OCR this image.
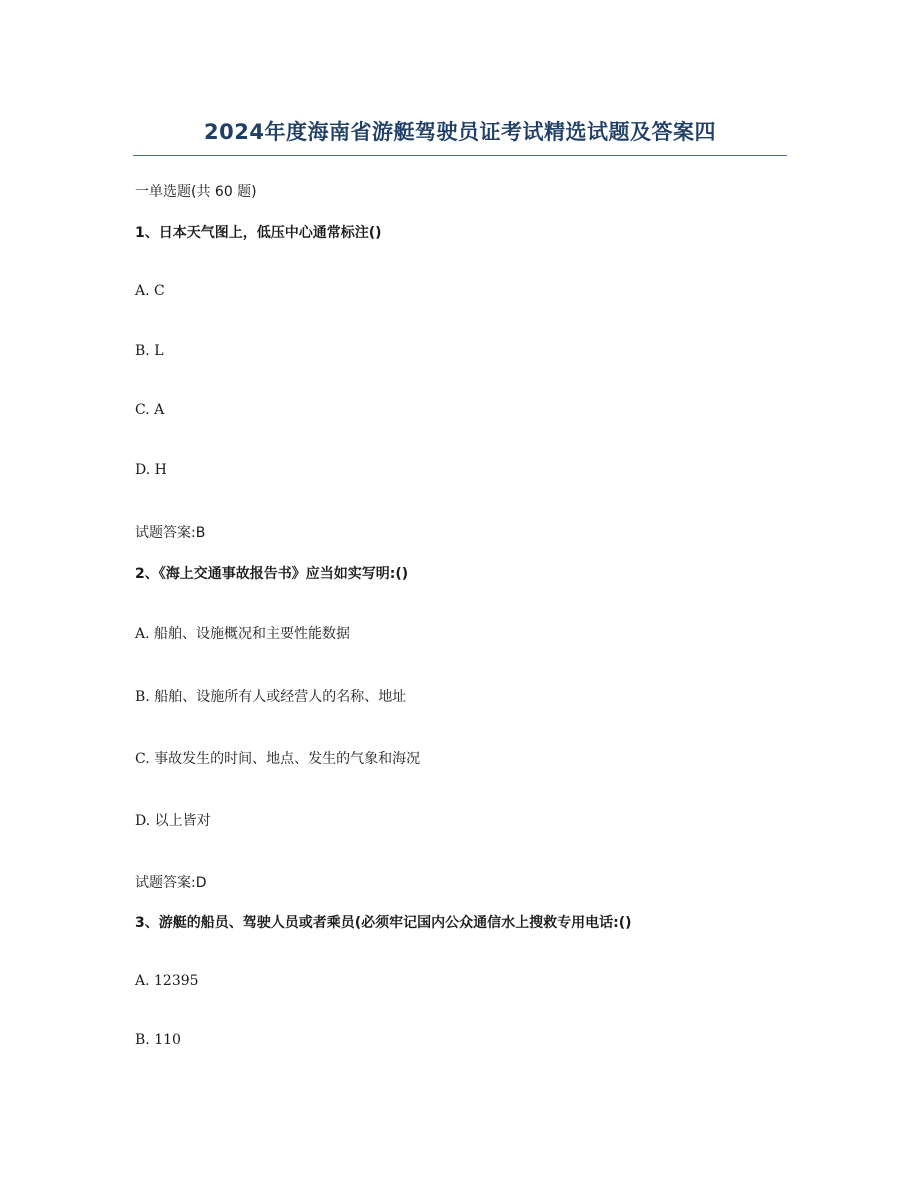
2024年度海南省游艇驾驶员证考试精选试题及答案四
一单选题(共 60 题)
1、日本天气图上，低压中心通常标注()
A. C
B. L
C. A
D. H
试题答案:B
2、《海上交通事故报告书》应当如实写明:()
A. 船舶、设施概况和主要性能数据
B. 船舶、设施所有人或经营人的名称、地址
C. 事故发生的时间、地点、发生的气象和海况
D. 以上皆对
试题答案:D
3、游艇的船员、驾驶人员或者乘员(必须牢记国内公众通信水上搜救专用电话:()
A. 12395
B. 110
